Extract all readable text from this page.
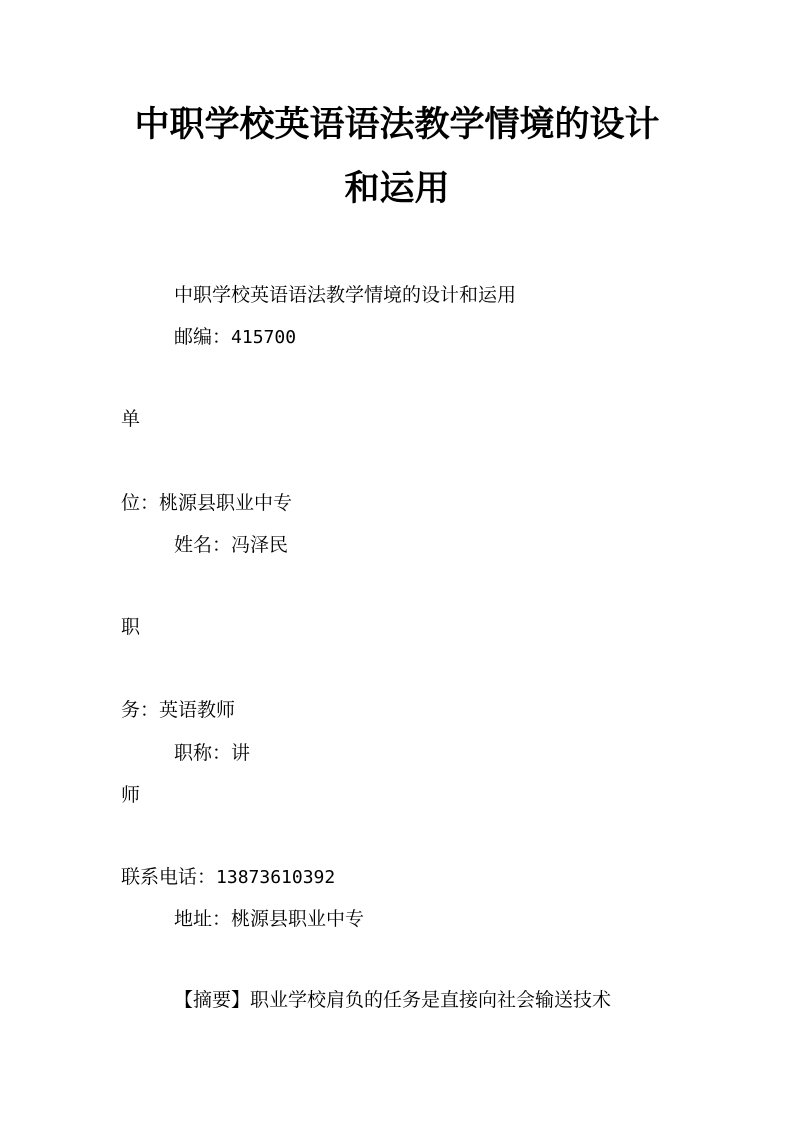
中职学校英语语法教学情境的设计
和运用
中职学校英语语法教学情境的设计和运用
邮编：415700
单
位：桃源县职业中专
姓名：冯泽民
职
务：英语教师
职称：讲
师
联系电话：13873610392
地址：桃源县职业中专
【摘要】职业学校肩负的任务是直接向社会输送技术
